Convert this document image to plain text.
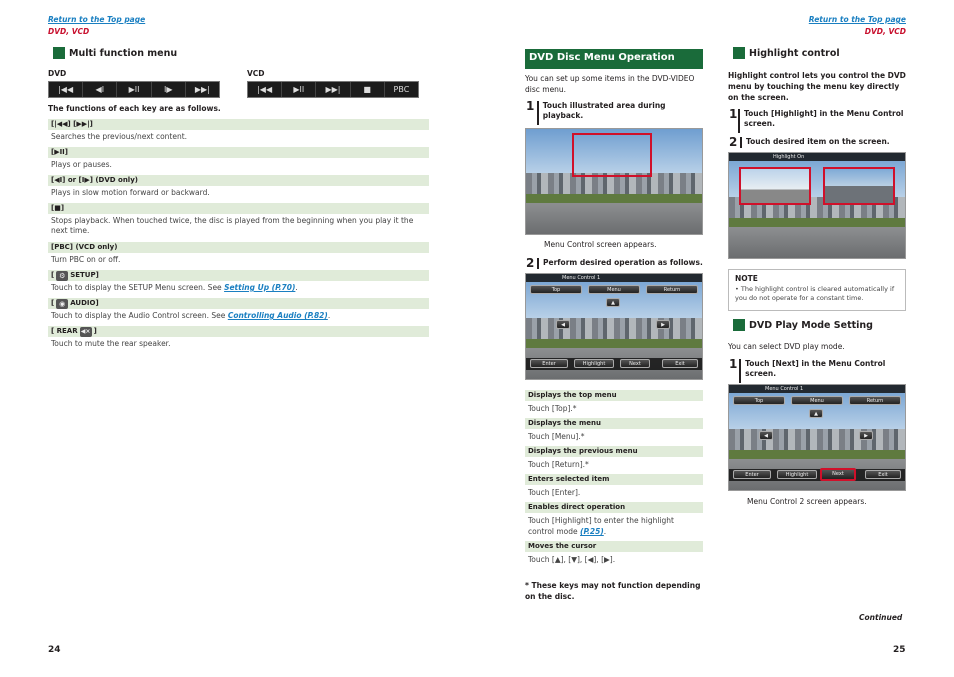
Return to the Top page
DVD, VCD
Multi function menu
DVD	VCD
|◀◀	◀I	▶II	I▶	▶▶|	|◀◀	▶II	▶▶|	■	PBC
The functions of each key are as follows.
[|◀◀] [▶▶|]
Searches the previous/next content.
[▶II]
Plays or pauses.
[◀I] or [I▶] (DVD only)
Plays in slow motion forward or backward.
[■]
Stops playback. When touched twice, the disc is played from the beginning when you play it the next time.
[PBC] (VCD only)
Turn PBC on or off.
[ ⚙ SETUP]
Touch to display the SETUP Menu screen. See Setting Up (P.70).
[ ◉ AUDIO]
Touch to display the Audio Control screen. See Controlling Audio (P.82).
[ REAR ◀× ]
Touch to mute the rear speaker.
24
DVD Disc Menu Operation
You can set up some items in the DVD-VIDEO disc menu.
1	Touch illustrated area during playback.
Menu Control screen appears.
2	Perform desired operation as follows.
Menu Control 1
Top	Menu	Return
▲
◀	▶
Enter	Highlight	Next	Exit
Displays the top menu
Touch [Top].*
Displays the menu
Touch [Menu].*
Displays the previous menu
Touch [Return].*
Enters selected item
Touch [Enter].
Enables direct operation
Touch [Highlight] to enter the highlight control mode (P.25).
Moves the cursor
Touch [▲], [▼], [◀], [▶].
* These keys may not function depending on the disc.
Return to the Top page
DVD, VCD
Highlight control
Highlight control lets you control the DVD menu by touching the menu key directly on the screen.
1 Touch [Highlight] in the Menu Control screen.
2	Touch desired item on the screen.
Highlight On
NOTE
• The highlight control is cleared automatically if you do not operate for a constant time.
DVD Play Mode Setting
You can select DVD play mode.
1 Touch [Next] in the Menu Control screen.
Menu Control 1
Top	Menu	Return
▲
◀	▶
Enter	Highlight	Next	Exit
Menu Control 2 screen appears.
Continued
25
